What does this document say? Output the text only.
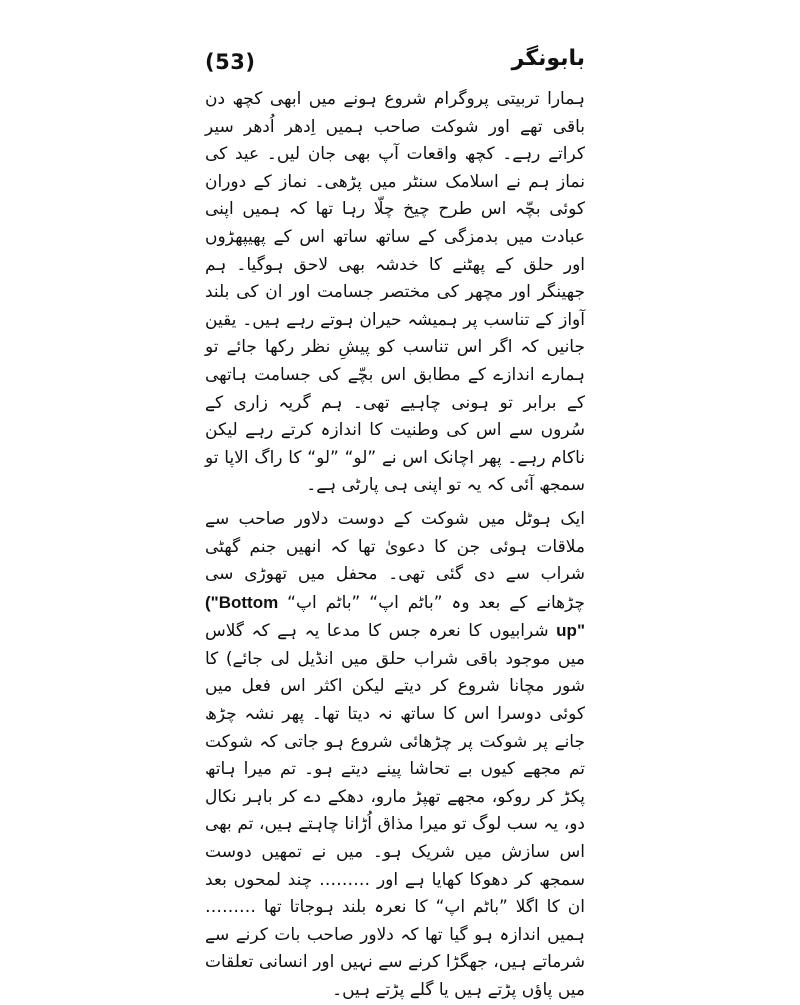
(53)	بابونگر

ہمارا تربیتی پروگرام شروع ہونے میں ابھی کچھ دن باقی تھے اور شوکت صاحب ہمیں اِدھر اُدھر سیر کراتے رہے۔ کچھ واقعات آپ بھی جان لیں۔ عید کی نماز ہم نے اسلامک سنٹر میں پڑھی۔ نماز کے دوران کوئی بچّہ اس طرح چیخ چلّا رہا تھا کہ ہمیں اپنی عبادت میں بدمزگی کے ساتھ ساتھ اس کے پھیپھڑوں اور حلق کے پھٹنے کا خدشہ بھی لاحق ہوگیا۔ ہم جھینگر اور مچھر کی مختصر جسامت اور ان کی بلند آواز کے تناسب پر ہمیشہ حیران ہوتے رہے ہیں۔ یقین جانیں کہ اگر اس تناسب کو پیشِ نظر رکھا جائے تو ہمارے اندازے کے مطابق اس بچّے کی جسامت ہاتھی کے برابر تو ہونی چاہیے تھی۔ ہم گریہ زاری کے سُروں سے اس کی وطنیت کا اندازہ کرتے رہے لیکن ناکام رہے۔ پھر اچانک اس نے ”لو“ ”لو“ کا راگ الاپا تو سمجھ آئی کہ یہ تو اپنی ہی پارٹی ہے۔

ایک ہوٹل میں شوکت کے دوست دلاور صاحب سے ملاقات ہوئی جن کا دعویٰ تھا کہ انھیں جنم گھٹی شراب سے دی گئی تھی۔ محفل میں تھوڑی سی چڑھانے کے بعد وہ ”باٹم اپ“ ”باٹم اپ“ ("Bottom up" شرابیوں کا نعرہ جس کا مدعا یہ ہے کہ گلاس میں موجود باقی شراب حلق میں انڈیل لی جائے) کا شور مچانا شروع کر دیتے لیکن اکثر اس فعل میں کوئی دوسرا اس کا ساتھ نہ دیتا تھا۔ پھر نشہ چڑھ جانے پر شوکت پر چڑھائی شروع ہو جاتی کہ شوکت تم مجھے کیوں بے تحاشا پینے دیتے ہو۔ تم میرا ہاتھ پکڑ کر روکو، مجھے تھپڑ مارو، دھکے دے کر باہر نکال دو، یہ سب لوگ تو میرا مذاق اُڑانا چاہتے ہیں، تم بھی اس سازش میں شریک ہو۔ میں نے تمھیں دوست سمجھ کر دھوکا کھایا ہے اور ……… چند لمحوں بعد ان کا اگلا ”باٹم اپ“ کا نعرہ بلند ہوجاتا تھا ……… ہمیں اندازہ ہو گیا تھا کہ دلاور صاحب بات کرنے سے شرماتے ہیں، جھگڑا کرنے سے نہیں اور انسانی تعلقات میں پاؤں پڑتے ہیں یا گلے پڑتے ہیں۔
